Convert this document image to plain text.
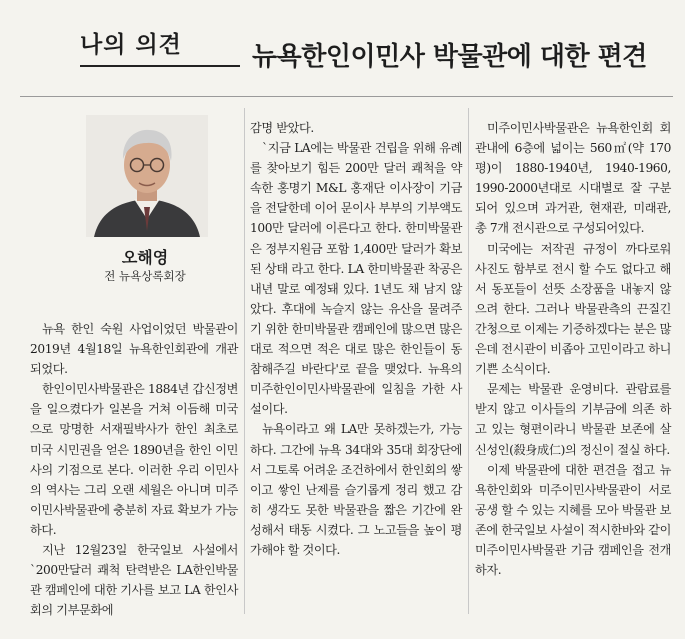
나의 의견	뉴욕한인이민사 박물관에 대한 편견
오해영
전 뉴욕상록회장

뉴욕 한인 숙원 사업이었던 박물관이 2019년 4월18일 뉴욕한인회관에 개관 되었다.

한인이민사박물관은 1884년 갑신정변을 일으켰다가 일본을 거쳐 이듬해 미국으로 망명한 서재필박사가 한인 최초로 미국 시민권을 얻은 1890년을 한인 이민사의 기점으로 본다. 이러한 우리 이민사의 역사는 그리 오랜 세월은 아니며 미주이민사박물관에 충분히 자료 확보가 가능하다.

지난 12월23일 한국일보 사설에서 `200만달러 쾌척 탄력받은 LA한인박물관 캠페인에 대한 기사를 보고 LA 한인사회의 기부문화에

감명 받았다.

`지금 LA에는 박물관 건립을 위해 유례를 찾아보기 힘든 200만 달러 쾌척을 약속한 홍명기 M&L 홍재단 이사장이 기금을 전달한데 이어 문이사 부부의 기부액도 100만 달러에 이른다고 한다. 한미박물관은 정부지원금 포함 1,400만 달러가 확보된 상태 라고 한다. LA 한미박물관 착공은 내년 말로 예정돼 있다. 1년도 채 남지 않았다. 후대에 녹슬지 않는 유산을 물려주기 위한 한미박물관 캠페인에 많으면 많은 대로 적으면 적은 대로 많은 한인들이 동참해주길 바란다'로 끝을 맺었다. 뉴욕의 미주한인이민사박물관에 일침을 가한 사설이다.

뉴욕이라고 왜 LA만 못하겠는가, 가능하다. 그간에 뉴욕 34대와 35대 회장단에서 그토록 어려운 조건하에서 한인회의 쌓이고 쌓인 난제를 슬기롭게 정리 했고 감히 생각도 못한 박물관을 짧은 기간에 완성해서 태동 시켰다. 그 노고들을 높이 평가해야 할 것이다.

미주이민사박물관은 뉴욕한인회 회관내에 6층에 넓이는 560㎡(약 170평)이 1880-1940년, 1940-1960, 1990-2000년대로 시대별로 잘 구분되어 있으며 과거관, 현재관, 미래관, 총 7개 전시관으로 구성되어있다.

미국에는 저작권 규정이 까다로워 사진도 함부로 전시 할 수도 없다고 해서 동포들이 선뜻 소장품을 내놓지 않으려 한다. 그러나 박물관측의 끈질긴 간청으로 이제는 기증하겠다는 분은 많은데 전시관이 비좁아 고민이라고 하니 기쁜 소식이다.

문제는 박물관 운영비다. 관람료를 받지 않고 이사들의 기부금에 의존 하고 있는 형편이라니 박물관 보존에 살신성인(殺身成仁)의 정신이 절실 하다.

이제 박물관에 대한 편견을 접고 뉴욕한인회와 미주이민사박물관이 서로 공생 할 수 있는 지혜를 모아 박물관 보존에 한국일보 사설이 적시한바와 같이 미주이민사박물관 기금 캠페인을 전개하자.
